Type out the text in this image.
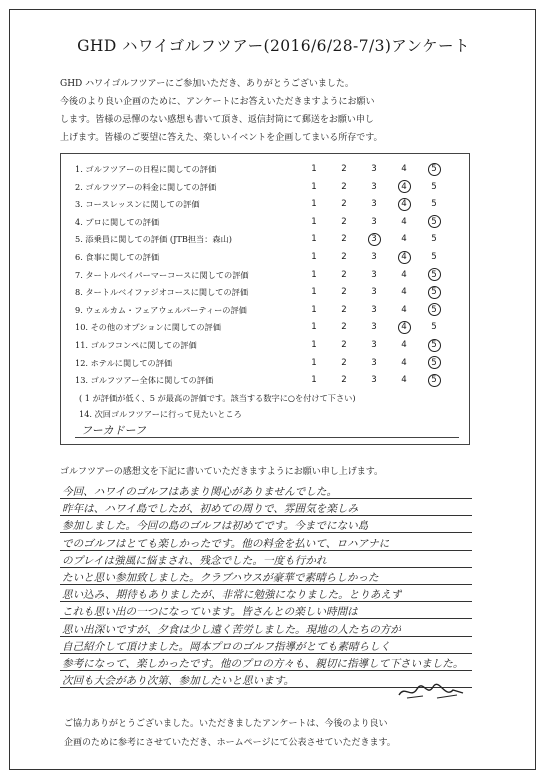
GHD ハワイゴルフツアー(2016/6/28-7/3)アンケート
GHD ハワイゴルフツアーにご参加いただき、ありがとうございました。
今後のより良い企画のために、アンケートにお答えいただきますようにお願い
します。皆様の忌憚のない感想も書いて頂き、返信封筒にて郵送をお願い申し
上げます。皆様のご要望に答えた、楽しいイベントを企画してまいる所存です。
( 1 が評価が低く、5 が最高の評価です。該当する数字に○を付けて下さい)
14. 次回ゴルフツアーに行って見たいところ
フーカドーフ
1. ゴルフツアーの日程に関しての評価	1	2	3	4	5
2. ゴルフツアーの料金に関しての評価	1	2	3	4	5
3. コースレッスンに関しての評価	1	2	3	4	5
4. プロに関しての評価	1	2	3	4	5
5. 添乗員に関しての評価 (JTB担当：森山)	1	2	3	4	5
6. 食事に関しての評価	1	2	3	4	5
7. タートルベイパーマーコースに関しての評価	1	2	3	4	5
8. タートルベイファジオコースに関しての評価	1	2	3	4	5
9. ウェルカム・フェアウェルパーティーの評価	1	2	3	4	5
10. その他のオプションに関しての評価	1	2	3	4	5
11. ゴルフコンペに関しての評価	1	2	3	4	5
12. ホテルに関しての評価	1	2	3	4	5
13. ゴルフツアー全体に関しての評価	1	2	3	4	5
ゴルフツアーの感想文を下記に書いていただきますようにお願い申し上げます。
今回、ハワイのゴルフはあまり関心がありませんでした。
昨年は、ハワイ島でしたが、初めての周りで、雰囲気を楽しみ
参加しました。今回の島のゴルフは初めてです。今までにない島
でのゴルフはとても楽しかったです。他の料金を払いて、ロハアナに
のプレイは強風に悩まされ、残念でした。一度も行かれ
たいと思い参加致しました。クラブハウスが豪華で素晴らしかった
思い込み、期待もありましたが、非常に勉強になりました。とりあえず
これも思い出の一つになっています。皆さんとの楽しい時間は
思い出深いですが、夕食は少し遠く苦労しました。現地の人たちの方が
自己紹介して頂けました。岡本プロのゴルフ指導がとても素晴らしく
参考になって、楽しかったです。他のプロの方々も、親切に指導して下さいました。
次回も大会があり次第、参加したいと思います。
ご協力ありがとうございました。いただきましたアンケートは、今後のより良い
企画のために参考にさせていただき、ホームページにて公表させていただきます。
